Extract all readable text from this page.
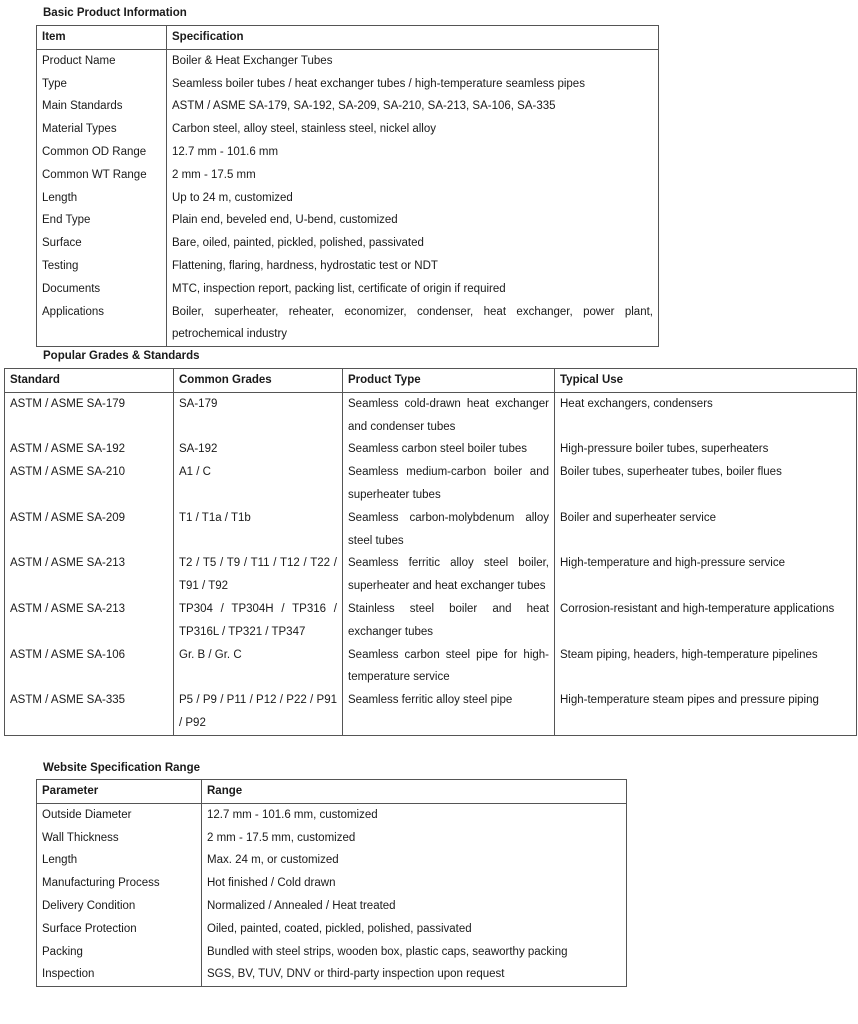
Basic Product Information
Item	Specification
Product Name	Boiler & Heat Exchanger Tubes
Type	Seamless boiler tubes / heat exchanger tubes / high-temperature seamless pipes
Main Standards	ASTM / ASME SA-179, SA-192, SA-209, SA-210, SA-213, SA-106, SA-335
Material Types	Carbon steel, alloy steel, stainless steel, nickel alloy
Common OD Range	12.7 mm - 101.6 mm
Common WT Range	2 mm - 17.5 mm
Length	Up to 24 m, customized
End Type	Plain end, beveled end, U-bend, customized
Surface	Bare, oiled, painted, pickled, polished, passivated
Testing	Flattening, flaring, hardness, hydrostatic test or NDT
Documents	MTC, inspection report, packing list, certificate of origin if required
Applications	Boiler, superheater, reheater, economizer, condenser, heat exchanger, power plant, petrochemical industry
Popular Grades & Standards
Standard	Common Grades	Product Type	Typical Use
ASTM / ASME SA-179	SA-179	Seamless cold-drawn heat exchanger and condenser tubes	Heat exchangers, condensers
ASTM / ASME SA-192	SA-192	Seamless carbon steel boiler tubes	High-pressure boiler tubes, superheaters
ASTM / ASME SA-210	A1 / C	Seamless medium-carbon boiler and superheater tubes	Boiler tubes, superheater tubes, boiler flues
ASTM / ASME SA-209	T1 / T1a / T1b	Seamless carbon-molybdenum alloy steel tubes	Boiler and superheater service
ASTM / ASME SA-213	T2 / T5 / T9 / T11 / T12 / T22 / T91 / T92	Seamless ferritic alloy steel boiler, superheater and heat exchanger tubes	High-temperature and high-pressure service
ASTM / ASME SA-213	TP304 / TP304H / TP316 / TP316L / TP321 / TP347	Stainless steel boiler and heat exchanger tubes	Corrosion-resistant and high-temperature applications
ASTM / ASME SA-106	Gr. B / Gr. C	Seamless carbon steel pipe for high-temperature service	Steam piping, headers, high-temperature pipelines
ASTM / ASME SA-335	P5 / P9 / P11 / P12 / P22 / P91 / P92	Seamless ferritic alloy steel pipe	High-temperature steam pipes and pressure piping
Website Specification Range
Parameter	Range
Outside Diameter	12.7 mm - 101.6 mm, customized
Wall Thickness	2 mm - 17.5 mm, customized
Length	Max. 24 m, or customized
Manufacturing Process	Hot finished / Cold drawn
Delivery Condition	Normalized / Annealed / Heat treated
Surface Protection	Oiled, painted, coated, pickled, polished, passivated
Packing	Bundled with steel strips, wooden box, plastic caps, seaworthy packing
Inspection	SGS, BV, TUV, DNV or third-party inspection upon request
